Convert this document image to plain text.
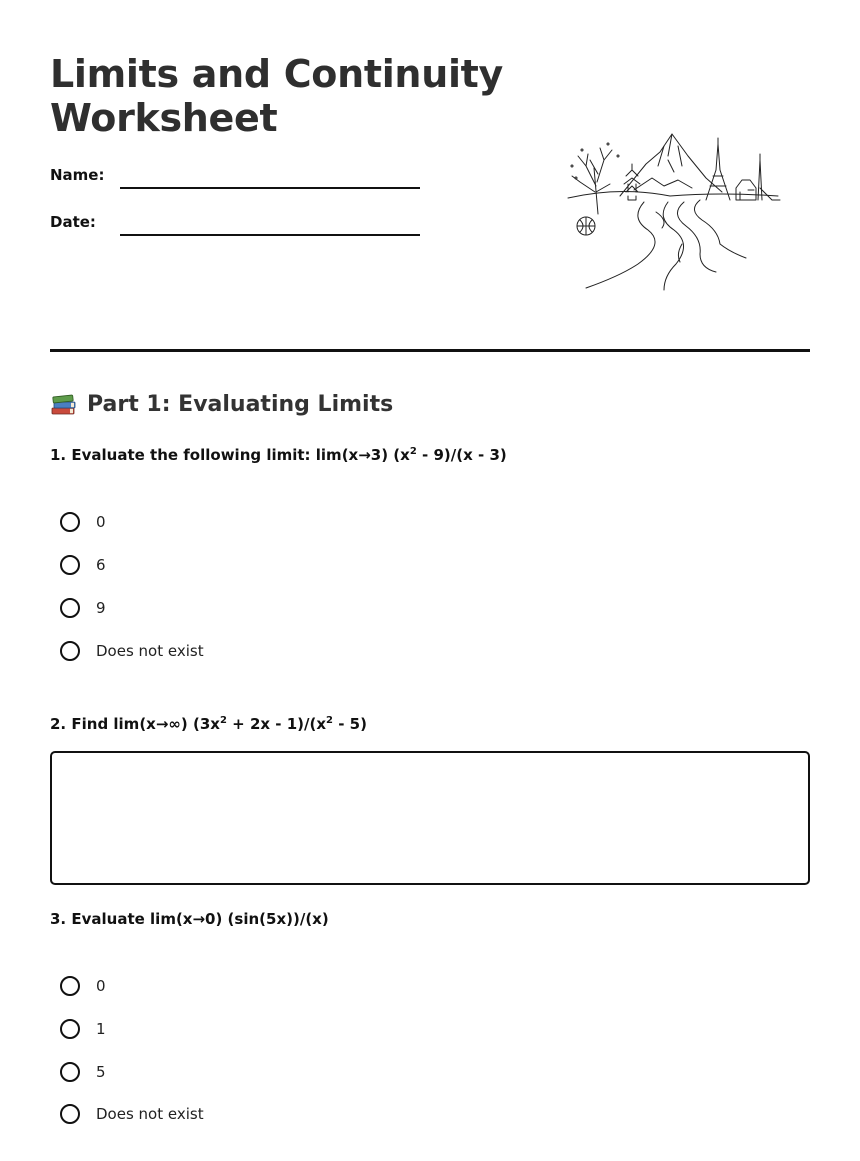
Limits and Continuity Worksheet
Name:
Date:
Part 1: Evaluating Limits
1. Evaluate the following limit: lim(x→3) $(x^2 - 9)/(x - 3)$
0
6
9
Does not exist
2. Find lim(x→∞) $(3x^2 + 2x - 1)/(x^2 - 5)$
3. Evaluate lim(x→0) (sin(5x))/(x)
0
1
5
Does not exist
